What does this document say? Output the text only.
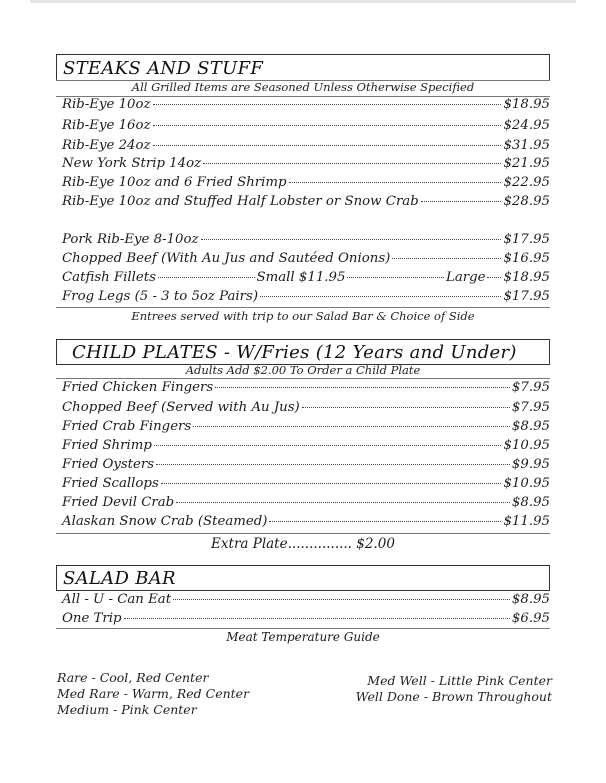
STEAKS AND STUFF
All Grilled Items are Seasoned Unless Otherwise Specified
Rib-Eye 10oz	$18.95
Rib-Eye 16oz	$24.95
Rib-Eye 24oz	$31.95
New York Strip 14oz	$21.95
Rib-Eye 10oz and 6 Fried Shrimp	$22.95
Rib-Eye 10oz and Stuffed Half Lobster or Snow Crab	$28.95
Pork Rib-Eye 8-10oz	$17.95
Chopped Beef (With Au Jus and Sautéed Onions)	$16.95
Catfish Fillets	Small $11.95	Large $18.95
Frog Legs (5 - 3 to 5oz Pairs)	$17.95
Entrees served with trip to our Salad Bar & Choice of Side
CHILD PLATES - W/Fries (12 Years and Under)
Adults Add $2.00 To Order a Child Plate
Fried Chicken Fingers	$7.95
Chopped Beef (Served with Au Jus)	$7.95
Fried Crab Fingers	$8.95
Fried Shrimp	$10.95
Fried Oysters	$9.95
Fried Scallops	$10.95
Fried Devil Crab	$8.95
Alaskan Snow Crab (Steamed)	$11.95
Extra Plate............... $2.00
SALAD BAR
All - U - Can Eat	$8.95
One Trip	$6.95
Meat Temperature Guide
Rare - Cool, Red Center
Med Rare - Warm, Red Center
Medium - Pink Center
Med Well - Little Pink Center
Well Done - Brown Throughout
